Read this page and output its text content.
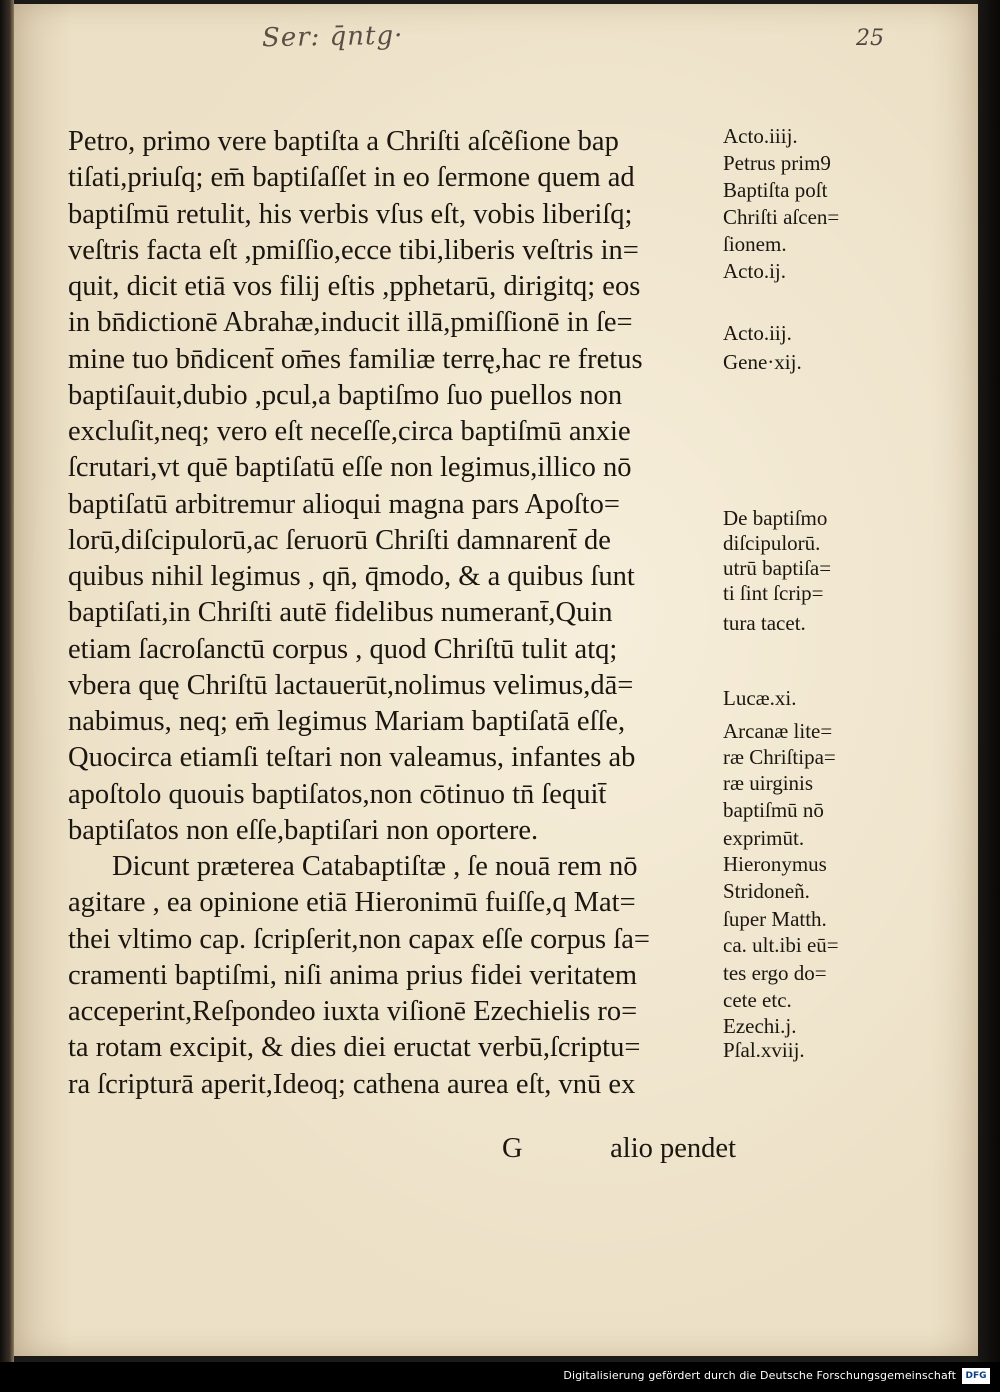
Ser: q̄ntg·	25

Petro, primo vere baptiſta a Chriſti aſcẽſione bap
tiſati,priuſq; em̄ baptiſaſſet in eo ſermone quem ad
baptiſmū retulit, his verbis vſus eſt, vobis liberiſq;
veſtris facta eſt ,pmiſſio,ecce tibi,liberis veſtris in=
quit, dicit etiā vos filij eſtis ,pphetarū, dirigitq; eos
in bn̄dictionē Abrahæ,inducit illā,pmiſſionē in ſe=
mine tuo bn̄dicent̄ om̄es familiæ terrę,hac re fretus
baptiſauit,dubio ,pcul,a baptiſmo ſuo puellos non
excluſit,neq; vero eſt neceſſe,circa baptiſmū anxie
ſcrutari,vt quē baptiſatū eſſe non legimus,illico nō
baptiſatū arbitremur alioqui magna pars Apoſto=
lorū,diſcipulorū,ac ſeruorū Chriſti damnarent̄ de
quibus nihil legimus , qn̄, q̄modo, & a quibus ſunt
baptiſati,in Chriſti autē fidelibus numerant̄,Quin
etiam ſacroſanctū corpus , quod Chriſtū tulit atq;
vbera quę Chriſtū lactauerūt,nolimus velimus,dā=
nabimus, neq; em̄ legimus Mariam baptiſatā eſſe,
Quocirca etiamſi teſtari non valeamus, infantes ab
apoſtolo quouis baptiſatos,non cōtinuo tn̄ ſequit̄
baptiſatos non eſſe,baptiſari non oportere.
Dicunt præterea Catabaptiſtæ , ſe nouā rem nō
agitare , ea opinione etiā Hieronimū fuiſſe,q Mat=
thei vltimo cap. ſcripſerit,non capax eſſe corpus ſa=
cramenti baptiſmi, niſi anima prius fidei veritatem
acceperint,Reſpondeo iuxta viſionē Ezechielis ro=
ta rotam excipit, & dies diei eructat verbū,ſcriptu=
ra ſcripturā aperit,Ideoq; cathena aurea eſt, vnū ex
G	alio pendet
Acto.iiij.
Petrus prim9
Baptiſta poſt
Chriſti aſcen=
ſionem.
Acto.ij.
Acto.iij.
Gene·xij.
De baptiſmo
diſcipulorū.
utrū baptiſa=
ti ſint ſcrip=
tura tacet.
Lucæ.xi.
Arcanæ lite=
ræ Chriſtipa=
ræ uirginis
baptiſmū nō
exprimūt.
Hieronymus
Stridoneñ.
ſuper Matth.
ca. ult.ibi eū=
tes ergo do=
cete etc.
Ezechi.j.
Pſal.xviij.
Digitalisierung gefördert durch die Deutsche Forschungsgemeinschaft	DFG
